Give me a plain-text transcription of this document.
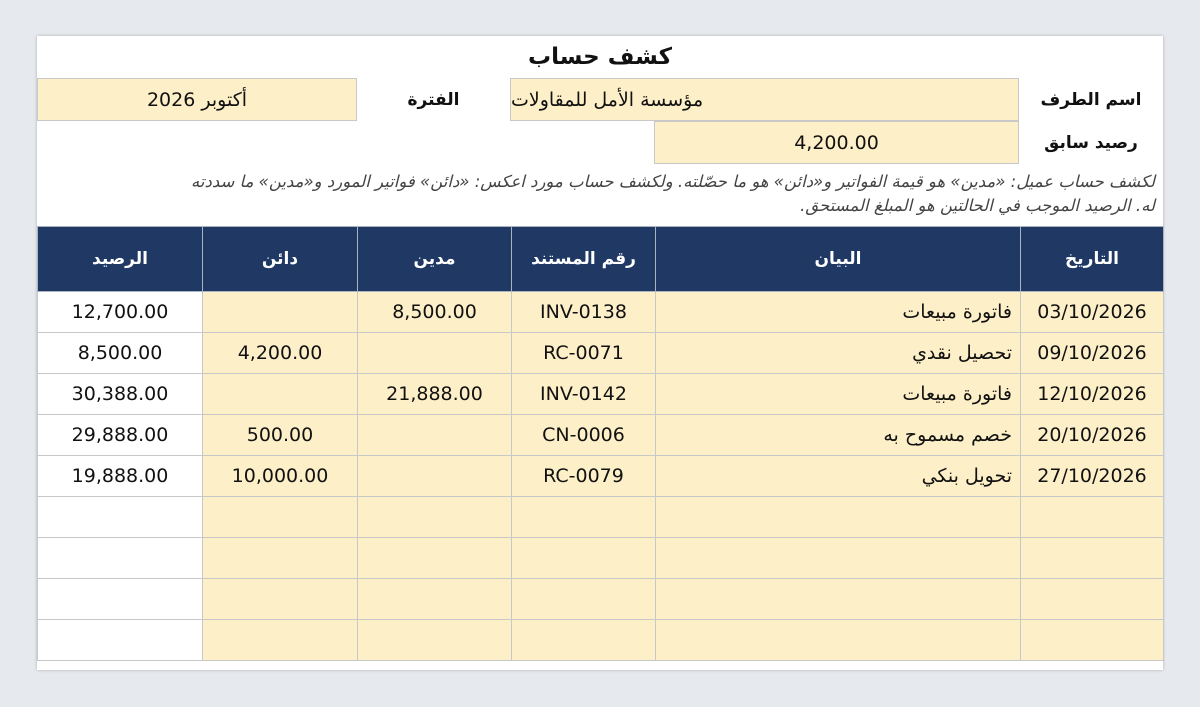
كشف حساب
اسم الطرف
مؤسسة الأمل للمقاولات
الفترة
أكتوبر 2026
رصيد سابق
4,200.00
لكشف حساب عميل: «مدين» هو قيمة الفواتير و«دائن» هو ما حصّلته. ولكشف حساب مورد اعكس: «دائن» فواتير المورد و«مدين» ما سددته
له. الرصيد الموجب في الحالتين هو المبلغ المستحق.
الرصيد	دائن	مدين	رقم المستند	البيان	التاريخ
12,700.00		8,500.00	INV-0138	فاتورة مبيعات	03/10/2026
8,500.00	4,200.00		RC-0071	تحصيل نقدي	09/10/2026
30,388.00		21,888.00	INV-0142	فاتورة مبيعات	12/10/2026
29,888.00	500.00		CN-0006	خصم مسموح به	20/10/2026
19,888.00	10,000.00		RC-0079	تحويل بنكي	27/10/2026
